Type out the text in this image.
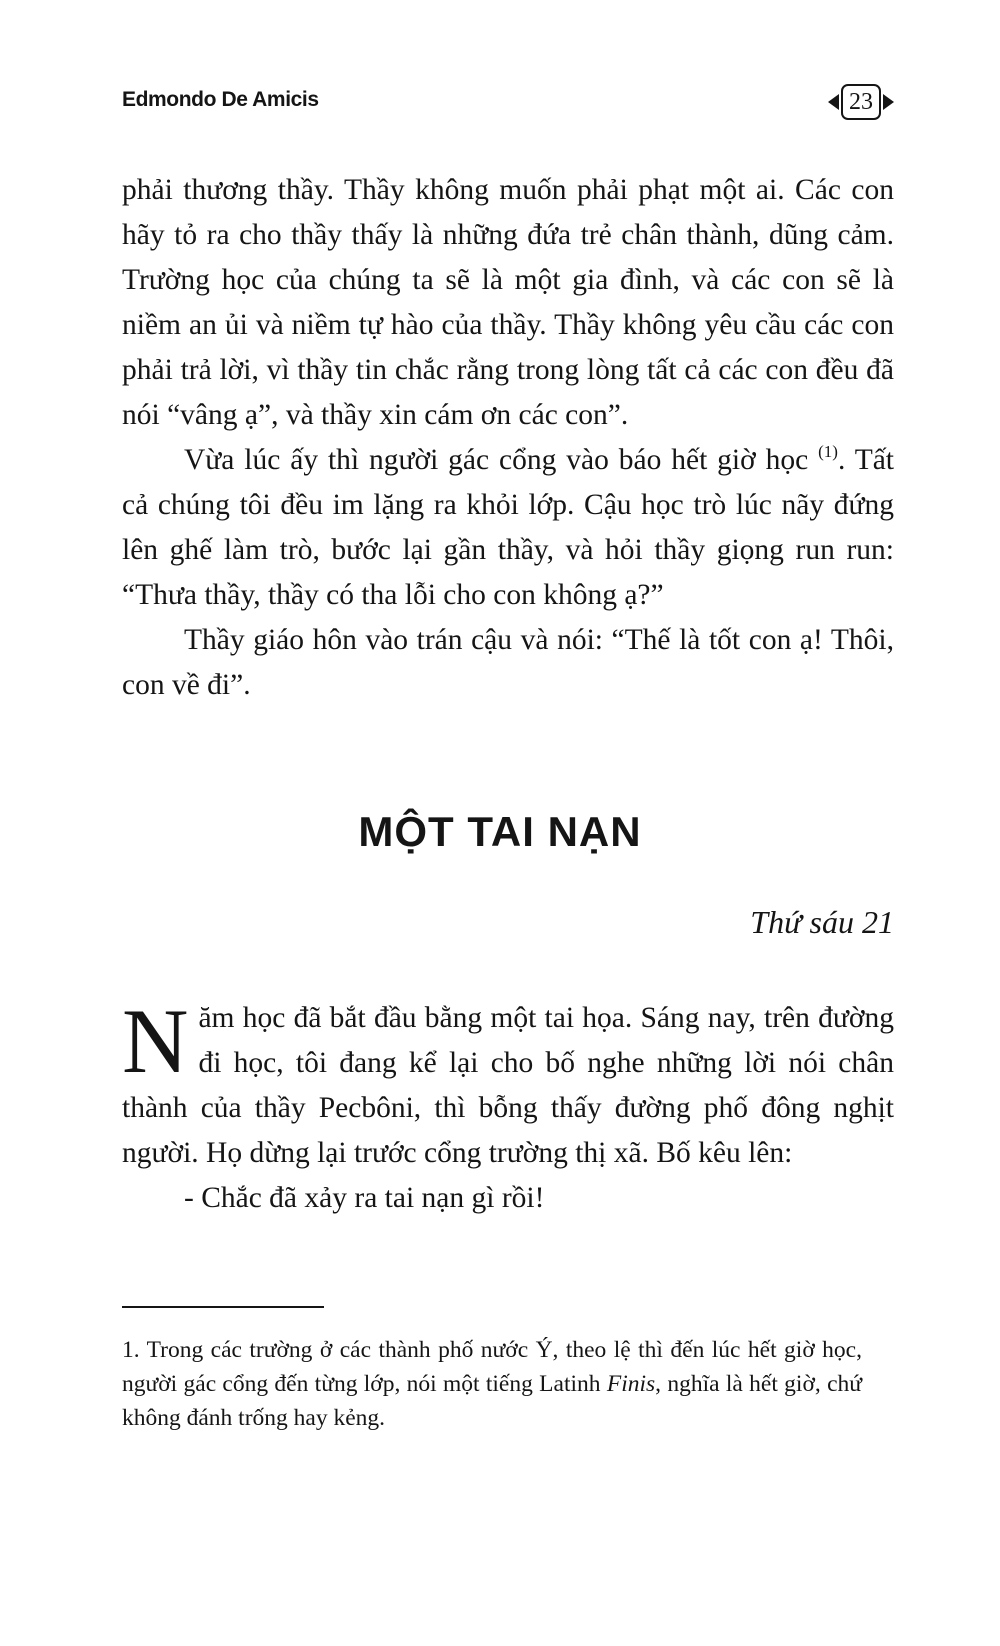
Edmondo De Amicis	23

phải thương thầy. Thầy không muốn phải phạt một ai. Các con hãy tỏ ra cho thầy thấy là những đứa trẻ chân thành, dũng cảm. Trường học của chúng ta sẽ là một gia đình, và các con sẽ là niềm an ủi và niềm tự hào của thầy. Thầy không yêu cầu các con phải trả lời, vì thầy tin chắc rằng trong lòng tất cả các con đều đã nói “vâng ạ”, và thầy xin cám ơn các con”.

Vừa lúc ấy thì người gác cổng vào báo hết giờ học $^{(1)}$. Tất cả chúng tôi đều im lặng ra khỏi lớp. Cậu học trò lúc nãy đứng lên ghế làm trò, bước lại gần thầy, và hỏi thầy giọng run run: “Thưa thầy, thầy có tha lỗi cho con không ạ?”

Thầy giáo hôn vào trán cậu và nói: “Thế là tốt con ạ! Thôi, con về đi”.

MỘT TAI NẠN
Thứ sáu 21

Năm học đã bắt đầu bằng một tai họa. Sáng nay, trên đường đi học, tôi đang kể lại cho bố nghe những lời nói chân thành của thầy Pecbôni, thì bỗng thấy đường phố đông nghịt người. Họ dừng lại trước cổng trường thị xã. Bố kêu lên:

- Chắc đã xảy ra tai nạn gì rồi!

1. Trong các trường ở các thành phố nước Ý, theo lệ thì đến lúc hết giờ học, người gác cổng đến từng lớp, nói một tiếng Latinh Finis, nghĩa là hết giờ, chứ không đánh trống hay kẻng.
